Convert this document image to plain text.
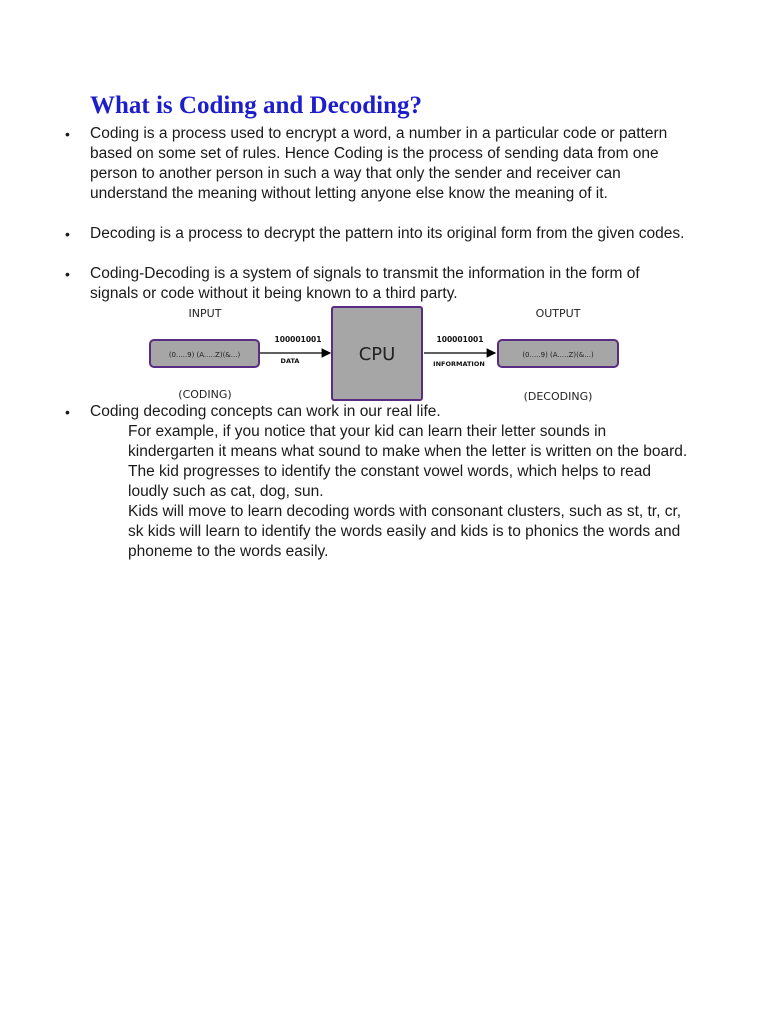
What is Coding and Decoding?
• Coding is a process used to encrypt a word, a number in a particular code or pattern based on some set of rules. Hence Coding is the process of sending data from one person to another person in such a way that only the sender and receiver can understand the meaning without letting anyone else know the meaning of it.
• Decoding is a process to decrypt the pattern into its original form from the given codes.
• Coding-Decoding is a system of signals to transmit the information in the form of signals or code without it being known to a third party.
• Coding decoding concepts can work in our real life.
INPUT	OUTPUT
(0.....9) (A.....Z)(&...)
100001001
DATA	CPU
100001001
INFORMATION
(0.....9) (A.....Z)(&...)
(CODING)	(DECODING)

For example, if you notice that your kid can learn their letter sounds in kindergarten it means what sound to make when the letter is written on the board. The kid progresses to identify the constant vowel words, which helps to read loudly such as cat, dog, sun.

Kids will move to learn decoding words with consonant clusters, such as st, tr, cr, sk kids will learn to identify the words easily and kids is to phonics the words and phoneme to the words easily.
